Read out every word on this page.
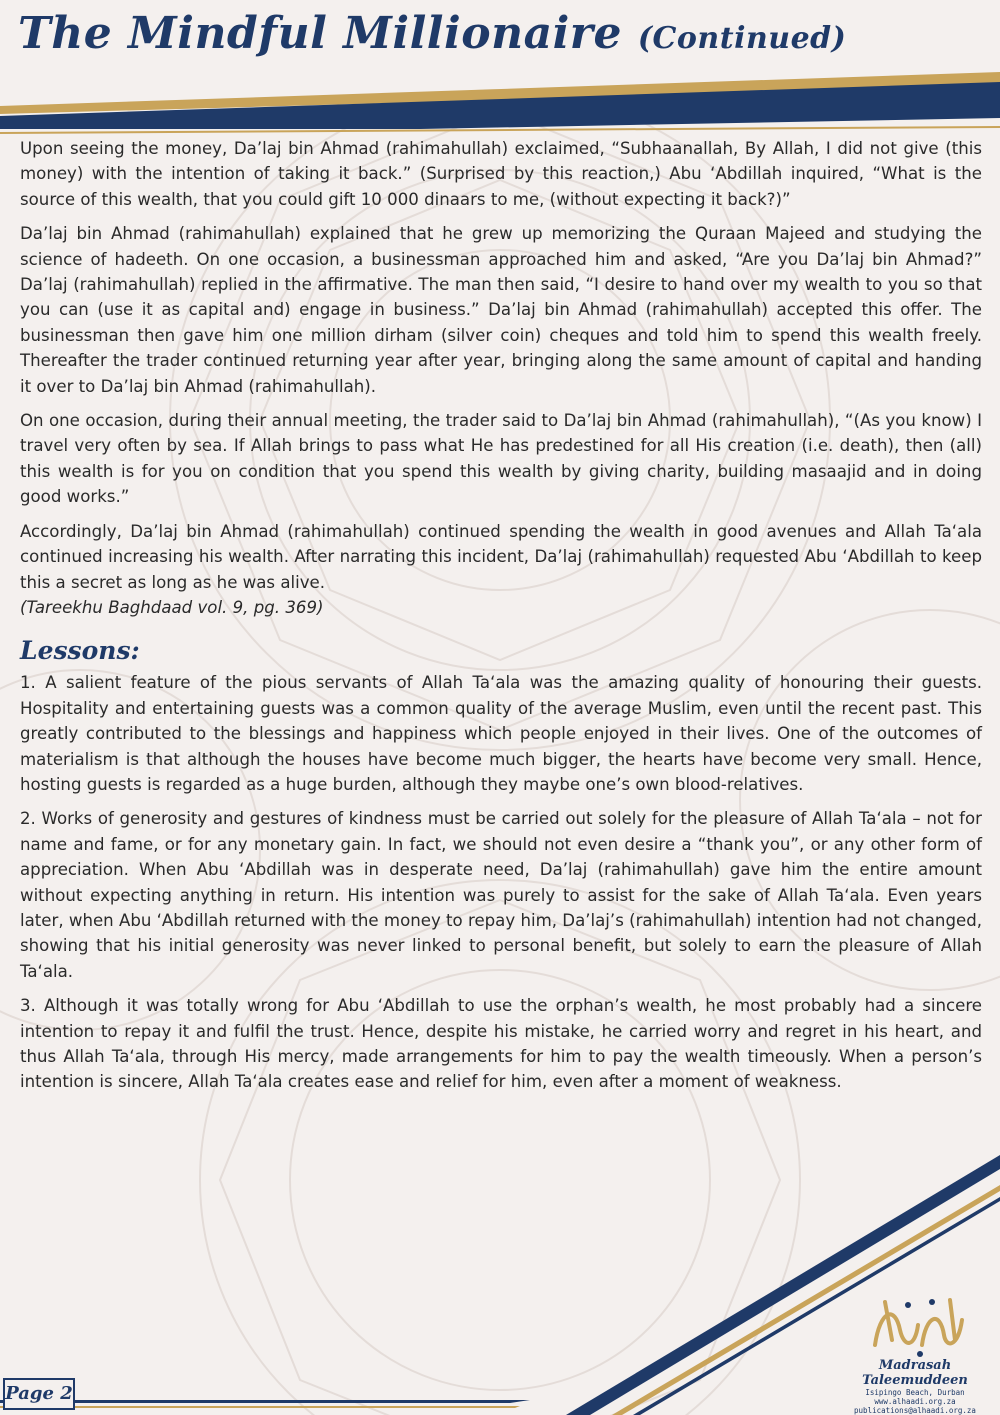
The Mindful Millionaire (Continued)

Upon seeing the money, Da’laj bin Ahmad (rahimahullah) exclaimed, “Subhaanallah, By Allah, I did not give (this money) with the intention of taking it back.” (Surprised by this reaction,) Abu ‘Abdillah inquired, “What is the source of this wealth, that you could gift 10 000 dinaars to me, (without expecting it back?)”

Da’laj bin Ahmad (rahimahullah) explained that he grew up memorizing the Quraan Majeed and studying the science of hadeeth. On one occasion, a businessman approached him and asked, “Are you Da’laj bin Ahmad?” Da’laj (rahimahullah) replied in the affirmative. The man then said, “I desire to hand over my wealth to you so that you can (use it as capital and) engage in business.” Da’laj bin Ahmad (rahimahullah) accepted this offer. The businessman then gave him one million dirham (silver coin) cheques and told him to spend this wealth freely. Thereafter the trader continued returning year after year, bringing along the same amount of capital and handing it over to Da’laj bin Ahmad (rahimahullah).

On one occasion, during their annual meeting, the trader said to Da’laj bin Ahmad (rahimahullah), “(As you know) I travel very often by sea. If Allah brings to pass what He has predestined for all His creation (i.e. death), then (all) this wealth is for you on condition that you spend this wealth by giving charity, building masaajid and in doing good works.”

Accordingly, Da’laj bin Ahmad (rahimahullah) continued spending the wealth in good avenues and Allah Ta‘ala continued increasing his wealth. After narrating this incident, Da’laj (rahimahullah) requested Abu ‘Abdillah to keep this a secret as long as he was alive.

(Tareekhu Baghdaad vol. 9, pg. 369)

Lessons:

1. A salient feature of the pious servants of Allah Ta‘ala was the amazing quality of honouring their guests. Hospitality and entertaining guests was a common quality of the average Muslim, even until the recent past. This greatly contributed to the blessings and happiness which people enjoyed in their lives. One of the outcomes of materialism is that although the houses have become much bigger, the hearts have become very small. Hence, hosting guests is regarded as a huge burden, although they maybe one’s own blood-relatives.

2. Works of generosity and gestures of kindness must be carried out solely for the pleasure of Allah Ta‘ala – not for name and fame, or for any monetary gain. In fact, we should not even desire a “thank you”, or any other form of appreciation. When Abu ‘Abdillah was in desperate need, Da’laj (rahimahullah) gave him the entire amount without expecting anything in return. His intention was purely to assist for the sake of Allah Ta‘ala. Even years later, when Abu ‘Abdillah returned with the money to repay him, Da’laj’s (rahimahullah) intention had not changed, showing that his initial generosity was never linked to personal benefit, but solely to earn the pleasure of Allah Ta‘ala.

3. Although it was totally wrong for Abu ‘Abdillah to use the orphan’s wealth, he most probably had a sincere intention to repay it and fulfil the trust. Hence, despite his mistake, he carried worry and regret in his heart, and thus Allah Ta‘ala, through His mercy, made arrangements for him to pay the wealth timeously. When a person’s intention is sincere, Allah Ta‘ala creates ease and relief for him, even after a moment of weakness.

Page 2
Madrasah Taleemuddeen
Isipingo Beach, Durban
www.alhaadi.org.za
publications@alhaadi.org.za
